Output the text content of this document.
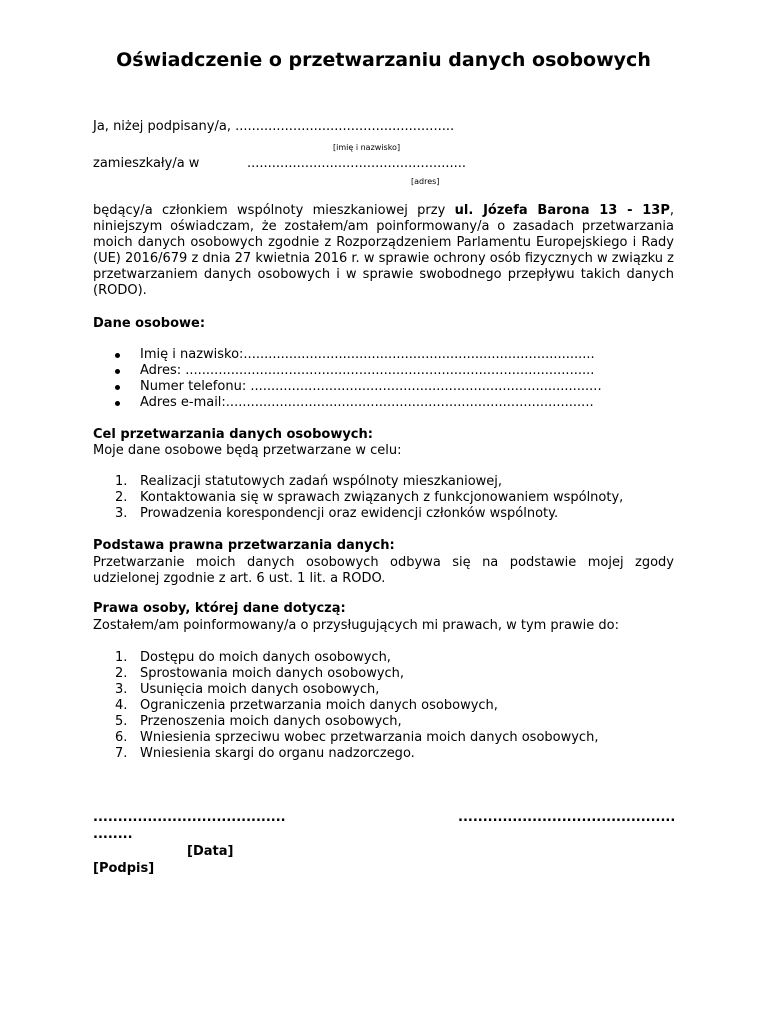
Oświadczenie o przetwarzaniu danych osobowych
Ja, niżej podpisany/a, .....................................................
[imię i nazwisko]
zamieszkały/a w	.....................................................
[adres]
będący/a członkiem wspólnoty mieszkaniowej przy ul. Józefa Barona 13 - 13P, niniejszym oświadczam, że zostałem/am poinformowany/a o zasadach przetwarzania moich danych osobowych zgodnie z Rozporządzeniem Parlamentu Europejskiego i Rady (UE) 2016/679 z dnia 27 kwietnia 2016 r. w sprawie ochrony osób fizycznych w związku z przetwarzaniem danych osobowych i w sprawie swobodnego przepływu takich danych (RODO).
Dane osobowe:
Imię i nazwisko:.....................................................................................
Adres: ...................................................................................................
Numer telefonu: .....................................................................................
Adres e-mail:.........................................................................................
Cel przetwarzania danych osobowych:
Moje dane osobowe będą przetwarzane w celu:
1. Realizacji statutowych zadań wspólnoty mieszkaniowej,
2. Kontaktowania się w sprawach związanych z funkcjonowaniem wspólnoty,
3. Prowadzenia korespondencji oraz ewidencji członków wspólnoty.
Podstawa prawna przetwarzania danych:
Przetwarzanie moich danych osobowych odbywa się na podstawie mojej zgody udzielonej zgodnie z art. 6 ust. 1 lit. a RODO.
Prawa osoby, której dane dotyczą:
Zostałem/am poinformowany/a o przysługujących mi prawach, w tym prawie do:
1. Dostępu do moich danych osobowych,
2. Sprostowania moich danych osobowych,
3. Usunięcia moich danych osobowych,
4. Ograniczenia przetwarzania moich danych osobowych,
5. Przenoszenia moich danych osobowych,
6. Wniesienia sprzeciwu wobec przetwarzania moich danych osobowych,
7. Wniesienia skargi do organu nadzorczego.
.......................................	............................................
........
[Data]
[Podpis]
